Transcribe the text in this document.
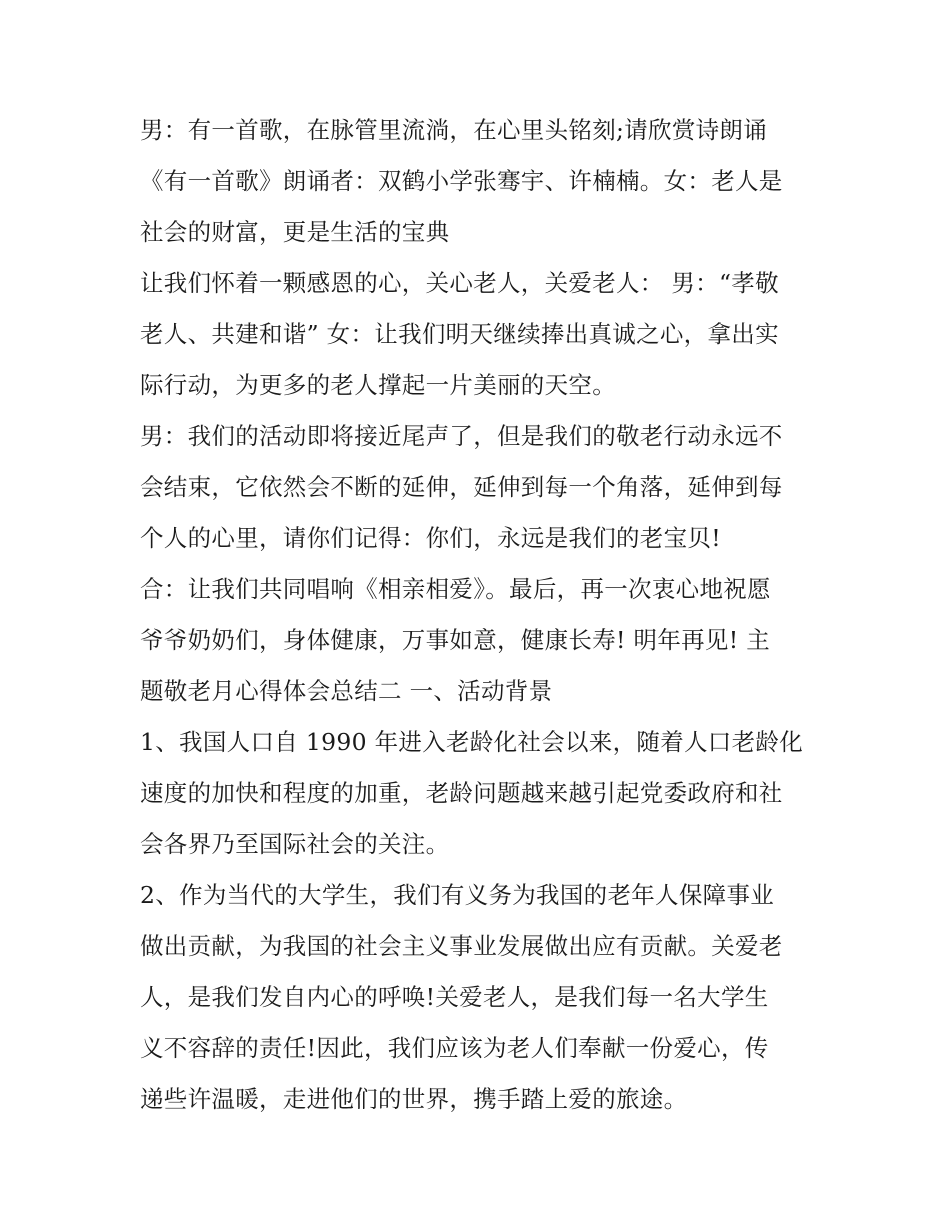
男：有一首歌，在脉管里流淌，在心里头铭刻;请欣赏诗朗诵
《有一首歌》朗诵者：双鹤小学张骞宇、许楠楠。女：老人是
社会的财富，更是生活的宝典
让我们怀着一颗感恩的心，关心老人，关爱老人： 男：“孝敬
老人、共建和谐” 女：让我们明天继续捧出真诚之心，拿出实
际行动，为更多的老人撑起一片美丽的天空。
男：我们的活动即将接近尾声了，但是我们的敬老行动永远不
会结束，它依然会不断的延伸，延伸到每一个角落，延伸到每
个人的心里，请你们记得：你们，永远是我们的老宝贝!
合：让我们共同唱响《相亲相爱》。最后，再一次衷心地祝愿
爷爷奶奶们，身体健康，万事如意，健康长寿! 明年再见! 主
题敬老月心得体会总结二 一、活动背景
1、我国人口自 1990 年进入老龄化社会以来，随着人口老龄化
速度的加快和程度的加重，老龄问题越来越引起党委政府和社
会各界乃至国际社会的关注。
2、作为当代的大学生，我们有义务为我国的老年人保障事业
做出贡献，为我国的社会主义事业发展做出应有贡献。关爱老
人，是我们发自内心的呼唤!关爱老人，是我们每一名大学生
义不容辞的责任!因此，我们应该为老人们奉献一份爱心，传
递些许温暖，走进他们的世界，携手踏上爱的旅途。
